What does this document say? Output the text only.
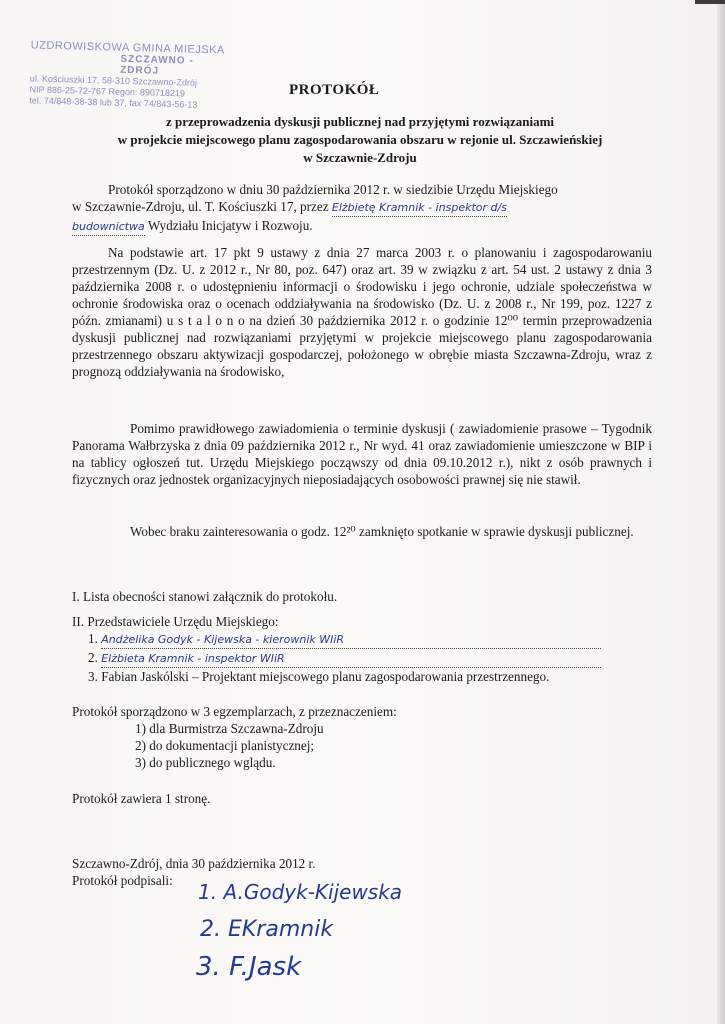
UZDROWISKOWA GMINA MIEJSKA
SZCZAWNO - ZDRÓJ
ul. Kościuszki 17, 58-310 Szczawno-Zdrój
NIP 886-25-72-767 Regon: 890718219
tel. 74/848-38-38 lub 37, fax 74/843-56-13
PROTOKÓŁ
z przeprowadzenia dyskusji publicznej nad przyjętymi rozwiązaniami
w projekcie miejscowego planu zagospodarowania obszaru w rejonie ul. Szczawieńskiej
w Szczawnie-Zdroju
Protokół sporządzono w dniu 30 października 2012 r. w siedzibie Urzędu Miejskiego
w Szczawnie-Zdroju, ul. T. Kościuszki 17, przez Elżbietę Kramnik - inspektor d/s
budownictwa Wydziału Inicjatyw i Rozwoju.
Na podstawie art. 17 pkt 9 ustawy z dnia 27 marca 2003 r. o planowaniu i zagospodarowaniu przestrzennym (Dz. U. z 2012 r., Nr 80, poz. 647) oraz art. 39 w związku z art. 54 ust. 2 ustawy z dnia 3 października 2008 r. o udostępnieniu informacji o środowisku i jego ochronie, udziale społeczeństwa w ochronie środowiska oraz o ocenach oddziaływania na środowisko (Dz. U. z 2008 r., Nr 199, poz. 1227 z późn. zmianami) u s t a l o n o na dzień 30 października 2012 r. o godzinie 12⁰⁰ termin przeprowadzenia dyskusji publicznej nad rozwiązaniami przyjętymi w projekcie miejscowego planu zagospodarowania przestrzennego obszaru aktywizacji gospodarczej, położonego w obrębie miasta Szczawna-Zdroju, wraz z prognozą oddziaływania na środowisko,
Pomimo prawidłowego zawiadomienia o terminie dyskusji ( zawiadomienie prasowe – Tygodnik Panorama Wałbrzyska z dnia 09 października 2012 r., Nr wyd. 41 oraz zawiadomienie umieszczone w BIP i na tablicy ogłoszeń tut. Urzędu Miejskiego począwszy od dnia 09.10.2012 r.), nikt z osób prawnych i fizycznych oraz jednostek organizacyjnych nieposiadających osobowości prawnej się nie stawił.
Wobec braku zainteresowania o godz. 12²⁰ zamknięto spotkanie w sprawie dyskusji publicznej.
I. Lista obecności stanowi załącznik do protokołu.
II. Przedstawiciele Urzędu Miejskiego:
1. Andżelika Godyk - Kijewska - kierownik WIiR
2. Elżbieta Kramnik - inspektor WIiR
3. Fabian Jaskólski – Projektant miejscowego planu zagospodarowania przestrzennego.
Protokół sporządzono w 3 egzemplarzach, z przeznaczeniem:
1) dla Burmistrza Szczawna-Zdroju
2) do dokumentacji planistycznej;
3) do publicznego wglądu.
Protokół zawiera 1 stronę.
Szczawno-Zdrój, dnia 30 października 2012 r.
Protokół podpisali: 1. A.Godyk-Kijewska
2. EKramnik
3. F.Jask
